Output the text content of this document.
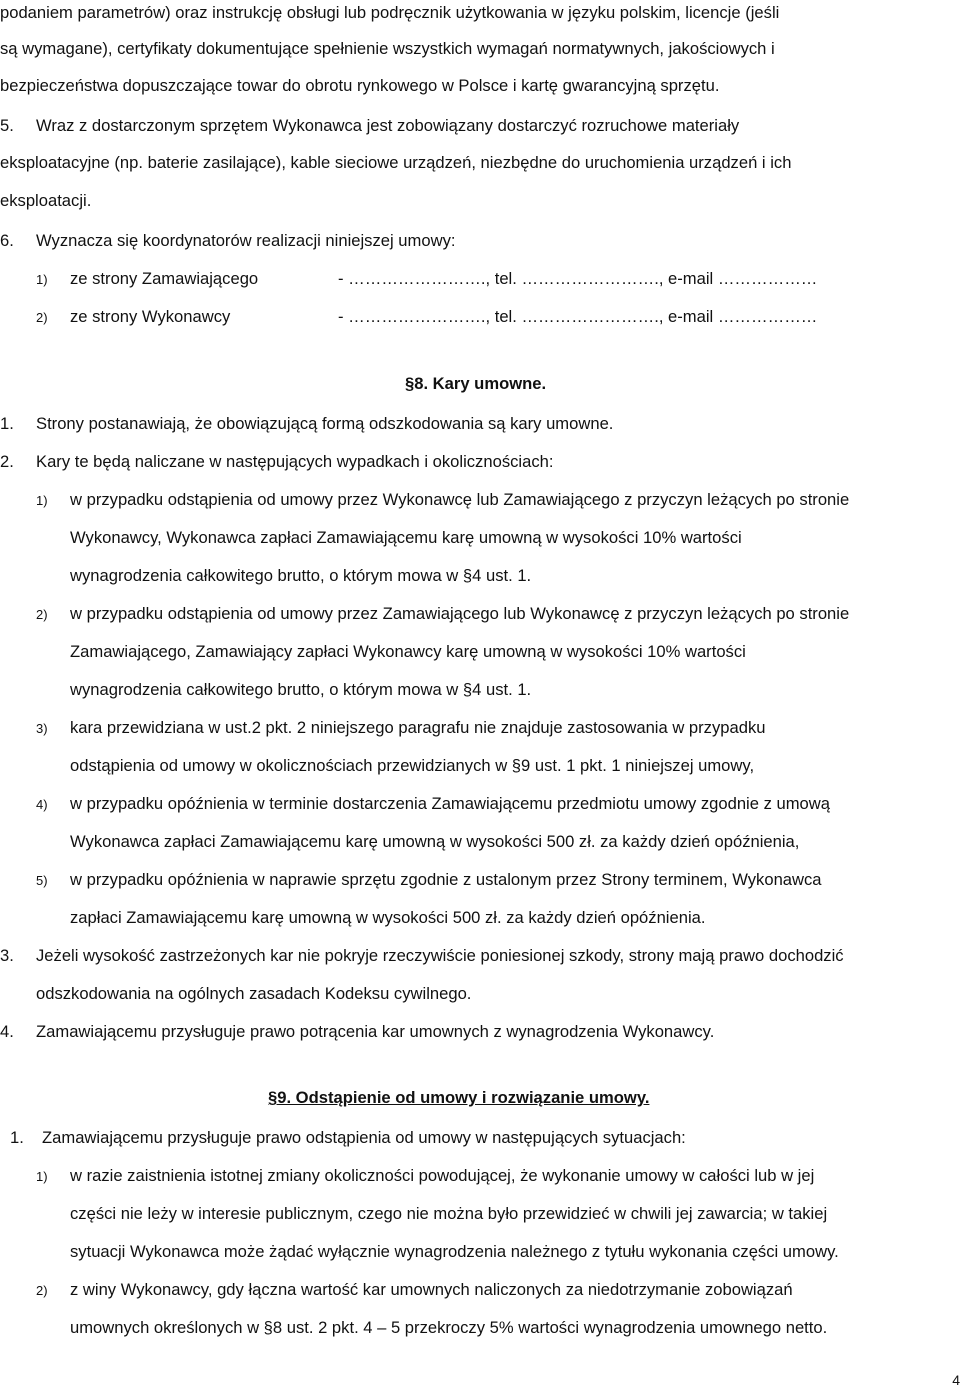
podaniem parametrów) oraz instrukcję obsługi lub podręcznik użytkowania w języku polskim, licencje (jeśli
są wymagane), certyfikaty dokumentujące spełnienie wszystkich wymagań normatywnych, jakościowych i
bezpieczeństwa dopuszczające towar do obrotu rynkowego w Polsce i kartę gwarancyjną sprzętu.
5. Wraz z dostarczonym sprzętem Wykonawca jest zobowiązany dostarczyć rozruchowe materiały
eksploatacyjne (np. baterie zasilające), kable sieciowe urządzeń, niezbędne do uruchomienia urządzeń i ich
eksploatacji.
6. Wyznacza się koordynatorów realizacji niniejszej umowy:
1) ze strony Zamawiającego	- ……………………., tel. ……………………., e-mail ………………
2) ze strony Wykonawcy	- ……………………., tel. ……………………., e-mail ………………
§8. Kary umowne.
1. Strony postanawiają, że obowiązującą formą odszkodowania są kary umowne.
2. Kary te będą naliczane w następujących wypadkach i okolicznościach:
1) w przypadku odstąpienia od umowy przez Wykonawcę lub Zamawiającego z przyczyn leżących po stronie
Wykonawcy, Wykonawca zapłaci Zamawiającemu karę umowną w wysokości 10% wartości
wynagrodzenia całkowitego brutto, o którym mowa w §4 ust. 1.
2) w przypadku odstąpienia od umowy przez Zamawiającego lub Wykonawcę z przyczyn leżących po stronie
Zamawiającego, Zamawiający zapłaci Wykonawcy karę umowną w wysokości 10% wartości
wynagrodzenia całkowitego brutto, o którym mowa w §4 ust. 1.
3) kara przewidziana w ust.2 pkt. 2 niniejszego paragrafu nie znajduje zastosowania w przypadku
odstąpienia od umowy w okolicznościach przewidzianych w §9 ust. 1 pkt. 1 niniejszej umowy,
4) w przypadku opóźnienia w terminie dostarczenia Zamawiającemu przedmiotu umowy zgodnie z umową
Wykonawca zapłaci Zamawiającemu karę umowną w wysokości 500 zł. za każdy dzień opóźnienia,
5) w przypadku opóźnienia w naprawie sprzętu zgodnie z ustalonym przez Strony terminem, Wykonawca
zapłaci Zamawiającemu karę umowną w wysokości 500 zł. za każdy dzień opóźnienia.
3. Jeżeli wysokość zastrzeżonych kar nie pokryje rzeczywiście poniesionej szkody, strony mają prawo dochodzić
odszkodowania na ogólnych zasadach Kodeksu cywilnego.
4. Zamawiającemu przysługuje prawo potrącenia kar umownych z wynagrodzenia Wykonawcy.
§9. Odstąpienie od umowy i rozwiązanie umowy.
1. Zamawiającemu przysługuje prawo odstąpienia od umowy w następujących sytuacjach:
1) w razie zaistnienia istotnej zmiany okoliczności powodującej, że wykonanie umowy w całości lub w jej
części nie leży w interesie publicznym, czego nie można było przewidzieć w chwili jej zawarcia; w takiej
sytuacji Wykonawca może żądać wyłącznie wynagrodzenia należnego z tytułu wykonania części umowy.
2) z winy Wykonawcy, gdy łączna wartość kar umownych naliczonych za niedotrzymanie zobowiązań
umownych określonych w §8 ust. 2 pkt. 4 – 5 przekroczy 5% wartości wynagrodzenia umownego netto.
4
